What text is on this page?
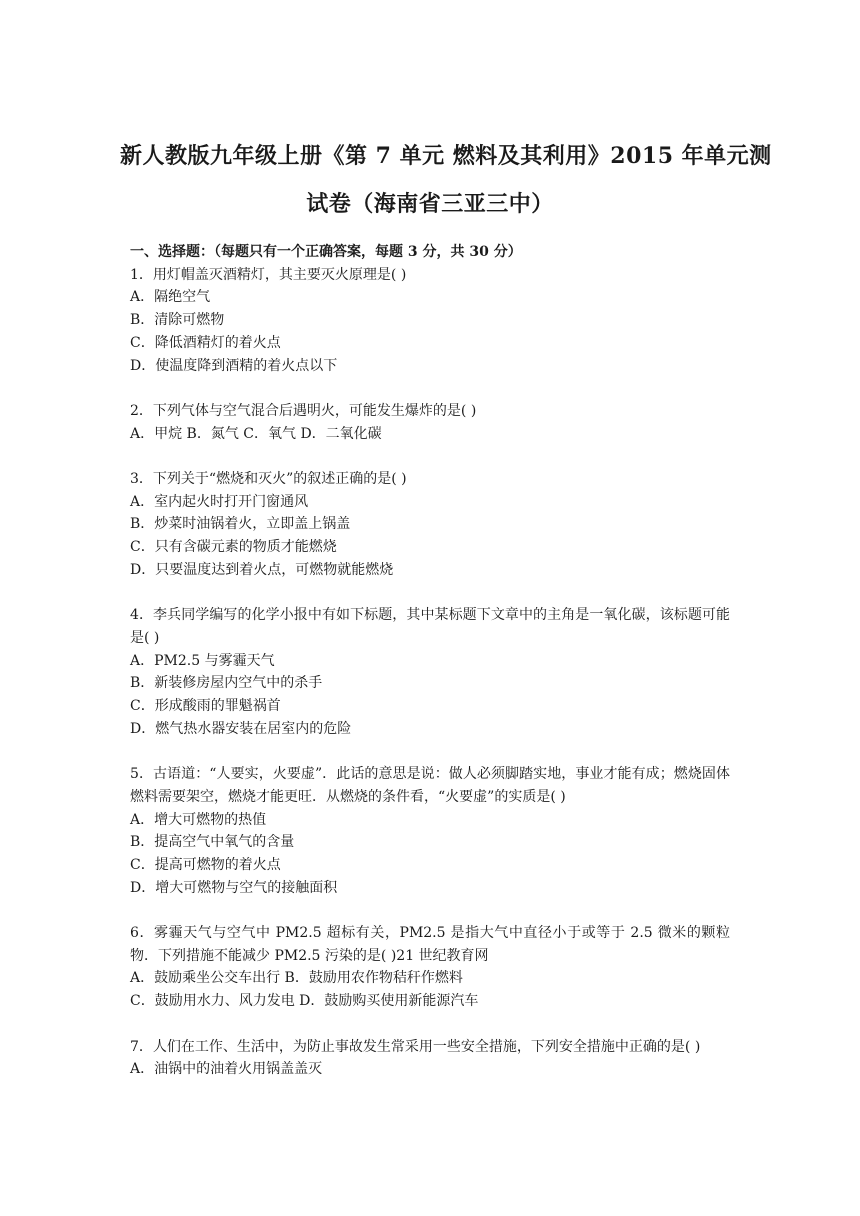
新人教版九年级上册《第 7 单元 燃料及其利用》2015 年单元测
试卷（海南省三亚三中）
一、选择题：（每题只有一个正确答案，每题 3 分，共 30 分）
1．用灯帽盖灭酒精灯，其主要灭火原理是( )
A．隔绝空气
B．清除可燃物
C．降低酒精灯的着火点
D．使温度降到酒精的着火点以下
2．下列气体与空气混合后遇明火，可能发生爆炸的是( )
A．甲烷 B．氮气 C．氧气 D．二氧化碳
3．下列关于“燃烧和灭火”的叙述正确的是( )
A．室内起火时打开门窗通风
B．炒菜时油锅着火，立即盖上锅盖
C．只有含碳元素的物质才能燃烧
D．只要温度达到着火点，可燃物就能燃烧
4．李兵同学编写的化学小报中有如下标题，其中某标题下文章中的主角是一氧化碳，该标题可能是( )
A．PM2.5 与雾霾天气
B．新装修房屋内空气中的杀手
C．形成酸雨的罪魁祸首
D．燃气热水器安装在居室内的危险
5．古语道：“人要实，火要虚”．此话的意思是说：做人必须脚踏实地，事业才能有成；燃烧固体燃料需要架空，燃烧才能更旺．从燃烧的条件看，“火要虚”的实质是( )
A．增大可燃物的热值
B．提高空气中氧气的含量
C．提高可燃物的着火点
D．增大可燃物与空气的接触面积
6．雾霾天气与空气中 PM2.5 超标有关，PM2.5 是指大气中直径小于或等于 2.5 微米的颗粒物．下列措施不能减少 PM2.5 污染的是( )21 世纪教育网
A．鼓励乘坐公交车出行 B．鼓励用农作物秸秆作燃料
C．鼓励用水力、风力发电 D．鼓励购买使用新能源汽车
7．人们在工作、生活中，为防止事故发生常采用一些安全措施，下列安全措施中正确的是( )
A．油锅中的油着火用锅盖盖灭
